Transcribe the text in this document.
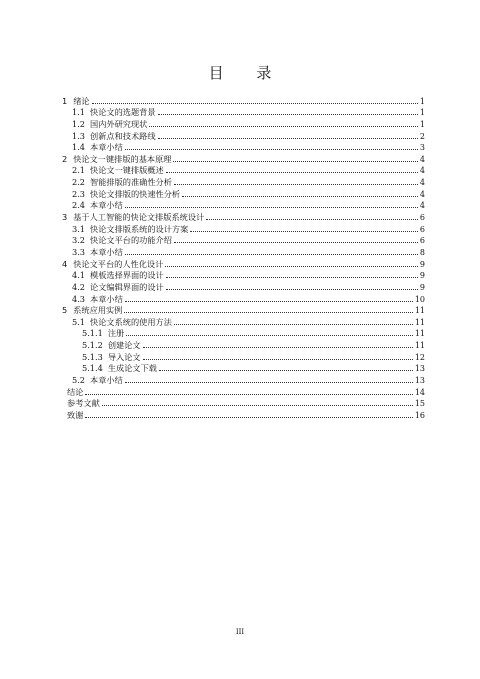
目 录
1 绪论	1
1.1 快论文的选题背景	1
1.2 国内外研究现状	1
1.3 创新点和技术路线	2
1.4 本章小结	3
2 快论文一键排版的基本原理	4
2.1 快论文一键排版概述	4
2.2 智能排版的准确性分析	4
2.3 快论文排版的快速性分析	4
2.4 本章小结	4
3 基于人工智能的快论文排版系统设计	6
3.1 快论文排版系统的设计方案	6
3.2 快论文平台的功能介绍	6
3.3 本章小结	8
4 快论文平台的人性化设计	9
4.1 模板选择界面的设计	9
4.2 论文编辑界面的设计	9
4.3 本章小结	10
5 系统应用实例	11
5.1 快论文系统的使用方法	11
5.1.1 注册	11
5.1.2 创建论文	11
5.1.3 导入论文	12
5.1.4 生成论文下载	13
5.2 本章小结	13
结论	14
参考文献	15
致谢	16
III
